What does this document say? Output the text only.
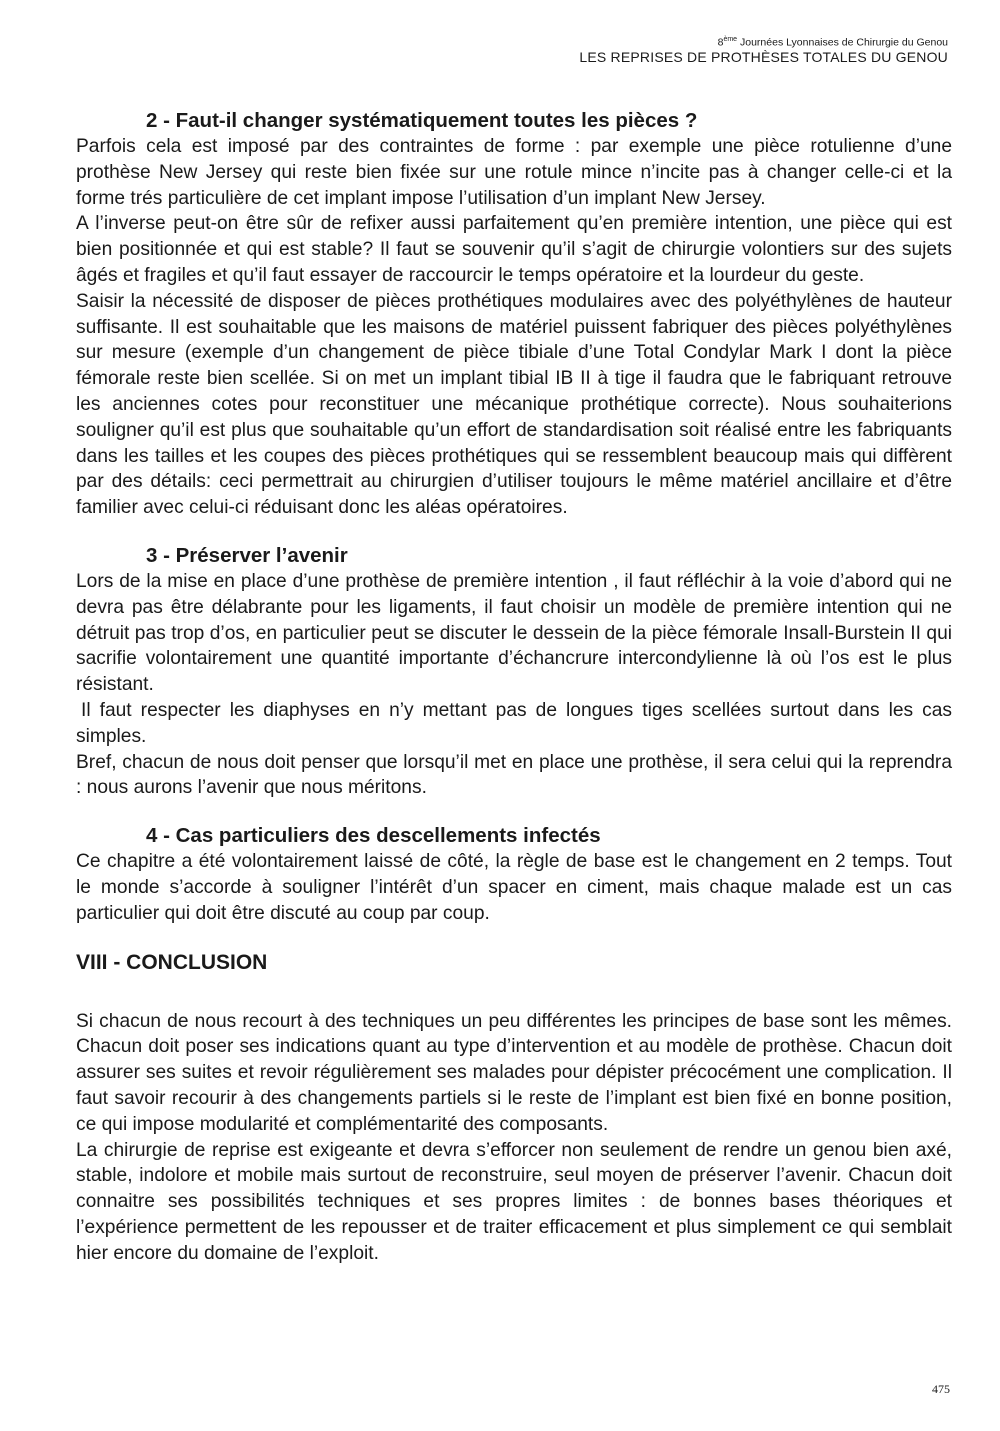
8ème Journées Lyonnaises de Chirurgie du Genou
LES REPRISES DE PROTHÈSES TOTALES DU GENOU
2 - Faut-il changer systématiquement toutes les pièces ?

Parfois cela est imposé par des contraintes de forme : par exemple une pièce rotulienne d’une prothèse New Jersey qui reste bien fixée sur une rotule mince n’incite pas à changer celle-ci et la forme trés particulière de cet implant impose l’utilisation d’un implant New Jersey.

A l’inverse peut-on être sûr de refixer aussi parfaitement qu’en première intention, une pièce qui est bien positionnée et qui est stable? Il faut se souvenir qu’il s’agit de chirurgie volontiers sur des sujets âgés et fragiles et qu’il faut essayer de raccourcir le temps opératoire et la lourdeur du geste.

Saisir la nécessité de disposer de pièces prothétiques modulaires avec des polyéthylènes de hauteur suffisante. Il est souhaitable que les maisons de matériel puissent fabriquer des pièces polyéthylènes sur mesure (exemple d’un changement de pièce tibiale d’une Total Condylar Mark I dont la pièce fémorale reste bien scellée. Si on met un implant tibial IB II à tige il faudra que le fabriquant retrouve les anciennes cotes pour reconstituer une mécanique prothétique correcte). Nous souhaiterions souligner qu’il est plus que souhaitable qu’un effort de standardisation soit réalisé entre les fabriquants dans les tailles et les coupes des pièces prothétiques qui se ressemblent beaucoup mais qui diffèrent par des détails: ceci permettrait au chirurgien d’utiliser toujours le même matériel ancillaire et d’être familier avec celui-ci réduisant donc les aléas opératoires.

3 - Préserver l’avenir

Lors de la mise en place d’une prothèse de première intention , il faut réfléchir à la voie d’abord qui ne devra pas être délabrante pour les ligaments, il faut choisir un modèle de première intention qui ne détruit pas trop d’os, en particulier peut se discuter le dessein de la pièce fémorale Insall-Burstein II qui sacrifie volontairement une quantité importante d’échancrure intercondylienne là où l’os est le plus résistant.

Il faut respecter les diaphyses en n’y mettant pas de longues tiges scellées surtout dans les cas simples.

Bref, chacun de nous doit penser que lorsqu’il met en place une prothèse, il sera celui qui la reprendra : nous aurons l’avenir que nous méritons.

4 - Cas particuliers des descellements infectés

Ce chapitre a été volontairement laissé de côté, la règle de base est le changement en 2 temps. Tout le monde s’accorde à souligner l’intérêt d’un spacer en ciment, mais chaque malade est un cas particulier qui doit être discuté au coup par coup.

VIII - CONCLUSION

Si chacun de nous recourt à des techniques un peu différentes les principes de base sont les mêmes. Chacun doit poser ses indications quant au type d’intervention et au modèle de prothèse. Chacun doit assurer ses suites et revoir régulièrement ses malades pour dépister précocément une complication. Il faut savoir recourir à des changements partiels si le reste de l’implant est bien fixé en bonne position, ce qui impose modularité et complémentarité des composants.

La chirurgie de reprise est exigeante et devra s’efforcer non seulement de rendre un genou bien axé, stable, indolore et mobile mais surtout de reconstruire, seul moyen de préserver l’avenir. Chacun doit connaitre ses possibilités techniques et ses propres limites : de bonnes bases théoriques et l’expérience permettent de les repousser et de traiter efficacement et plus simplement ce qui semblait hier encore du domaine de l’exploit.

475
